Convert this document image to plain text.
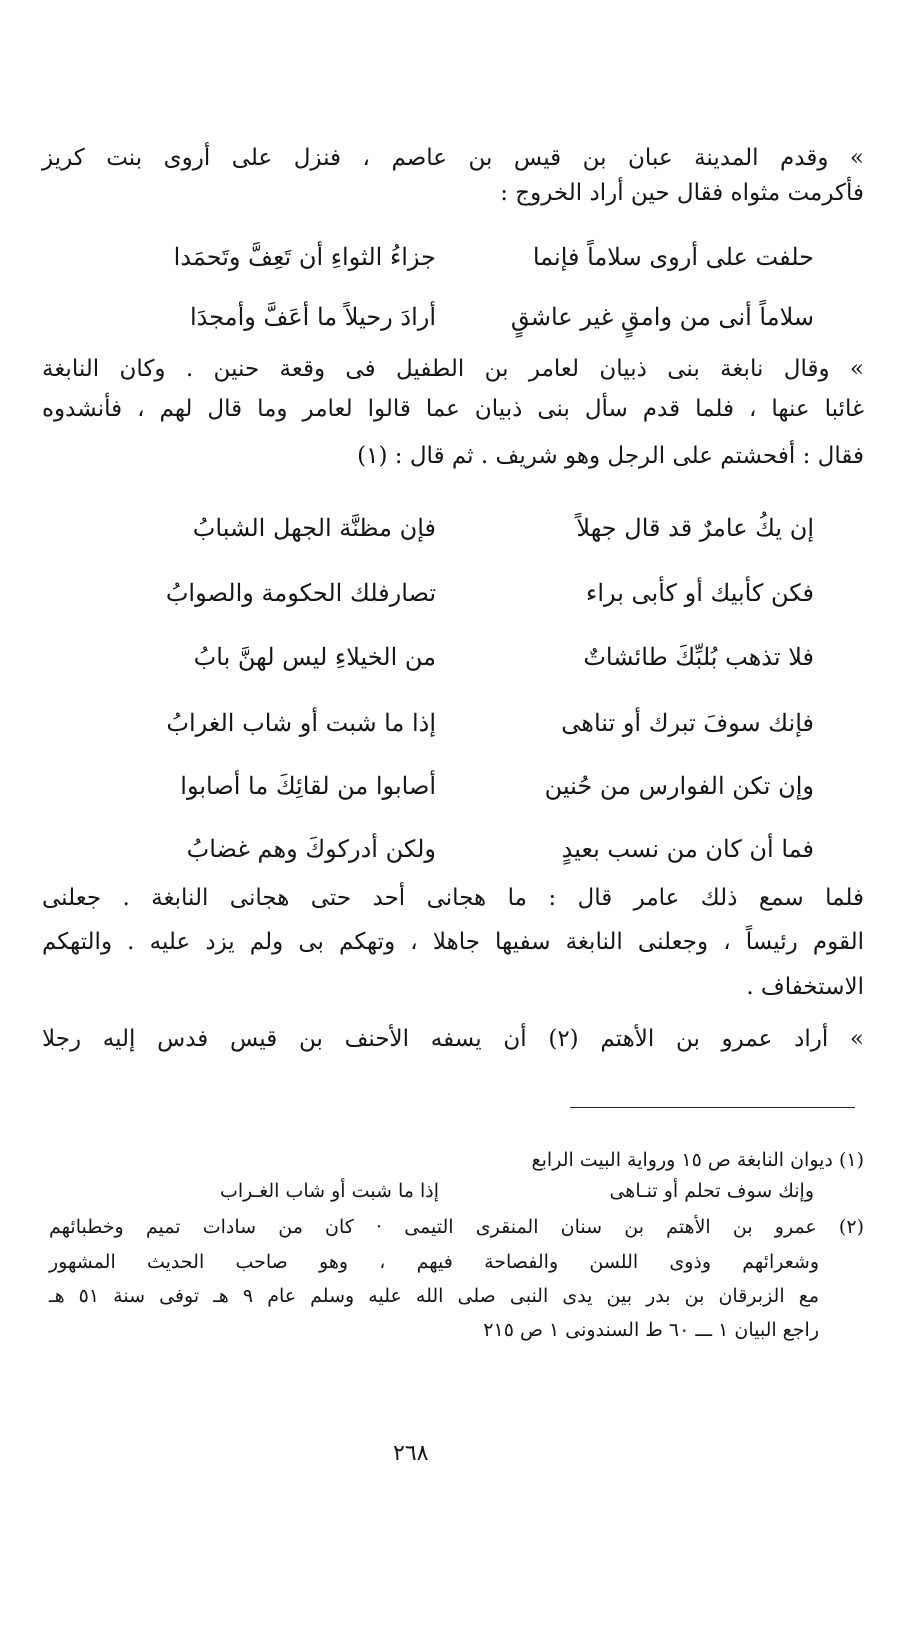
» وقدم المدينة عبان بن قيس بن عاصم ، فنزل على أروى بنت كريز
فأكرمت مثواه فقال حين أراد الخروج :
حلفت على أروى سلاماً فإنما
جزاءُ الثواءِ أن تَعِفَّ وتَحمَدا
سلاماً أنى من وامقٍ غير عاشقٍ
أرادَ رحيلاً ما أعَفَّ وأمجدَا
» وقال نابغة بنى ذبيان لعامر بن الطفيل فى وقعة حنين . وكان النابغة
غائبا عنها ، فلما قدم سأل بنى ذبيان عما قالوا لعامر وما قال لهم ، فأنشدوه
فقال : أفحشتم على الرجل وهو شريف . ثم قال : (١)
إن يكُ عامرٌ قد قال جهلاً
فإن مظنَّة الجهل الشبابُ
فكن كأبيك أو كأبى براء
تصارفلك الحكومة والصوابُ
فلا تذهب بُلبِّكَ طائشاتٌ
من الخيلاءِ ليس لهنَّ بابُ
فإنك سوفَ تبرك أو تناهى
إذا ما شبت أو شاب الغرابُ
وإن تكن الفوارس من حُنين
أصابوا من لقائِكَ ما أصابوا
فما أن كان من نسب بعيدٍ
ولكن أدركوكَ وهم غضابُ
فلما سمع ذلك عامر قال : ما هجانى أحد حتى هجانى النابغة . جعلنى
القوم رئيساً ، وجعلنى النابغة سفيها جاهلا ، وتهكم بى ولم يزد عليه . والتهكم
الاستخفاف .
» أراد عمرو بن الأهتم (٢) أن يسفه الأحنف بن قيس فدس إليه رجلا
(١) ديوان النابغة ص ١٥ ورواية البيت الرابع
وإنك سوف تحلم أو تنـاهى
إذا ما شبت أو شاب الغـراب
(٢) عمرو بن الأهتم بن سنان المنقرى التيمى · كان من سادات تميم وخطبائهم
وشعرائهم وذوى اللسن والفصاحة فيهم ، وهو صاحب الحديث المشهور
مع الزبرقان بن بدر بين يدى النبى صلى الله عليه وسلم عام ٩ هـ توفى سنة ٥١ هـ
راجع البيان ١ ـــ ٦٠ ط السندونى ١ ص ٢١٥
٢٦٨
